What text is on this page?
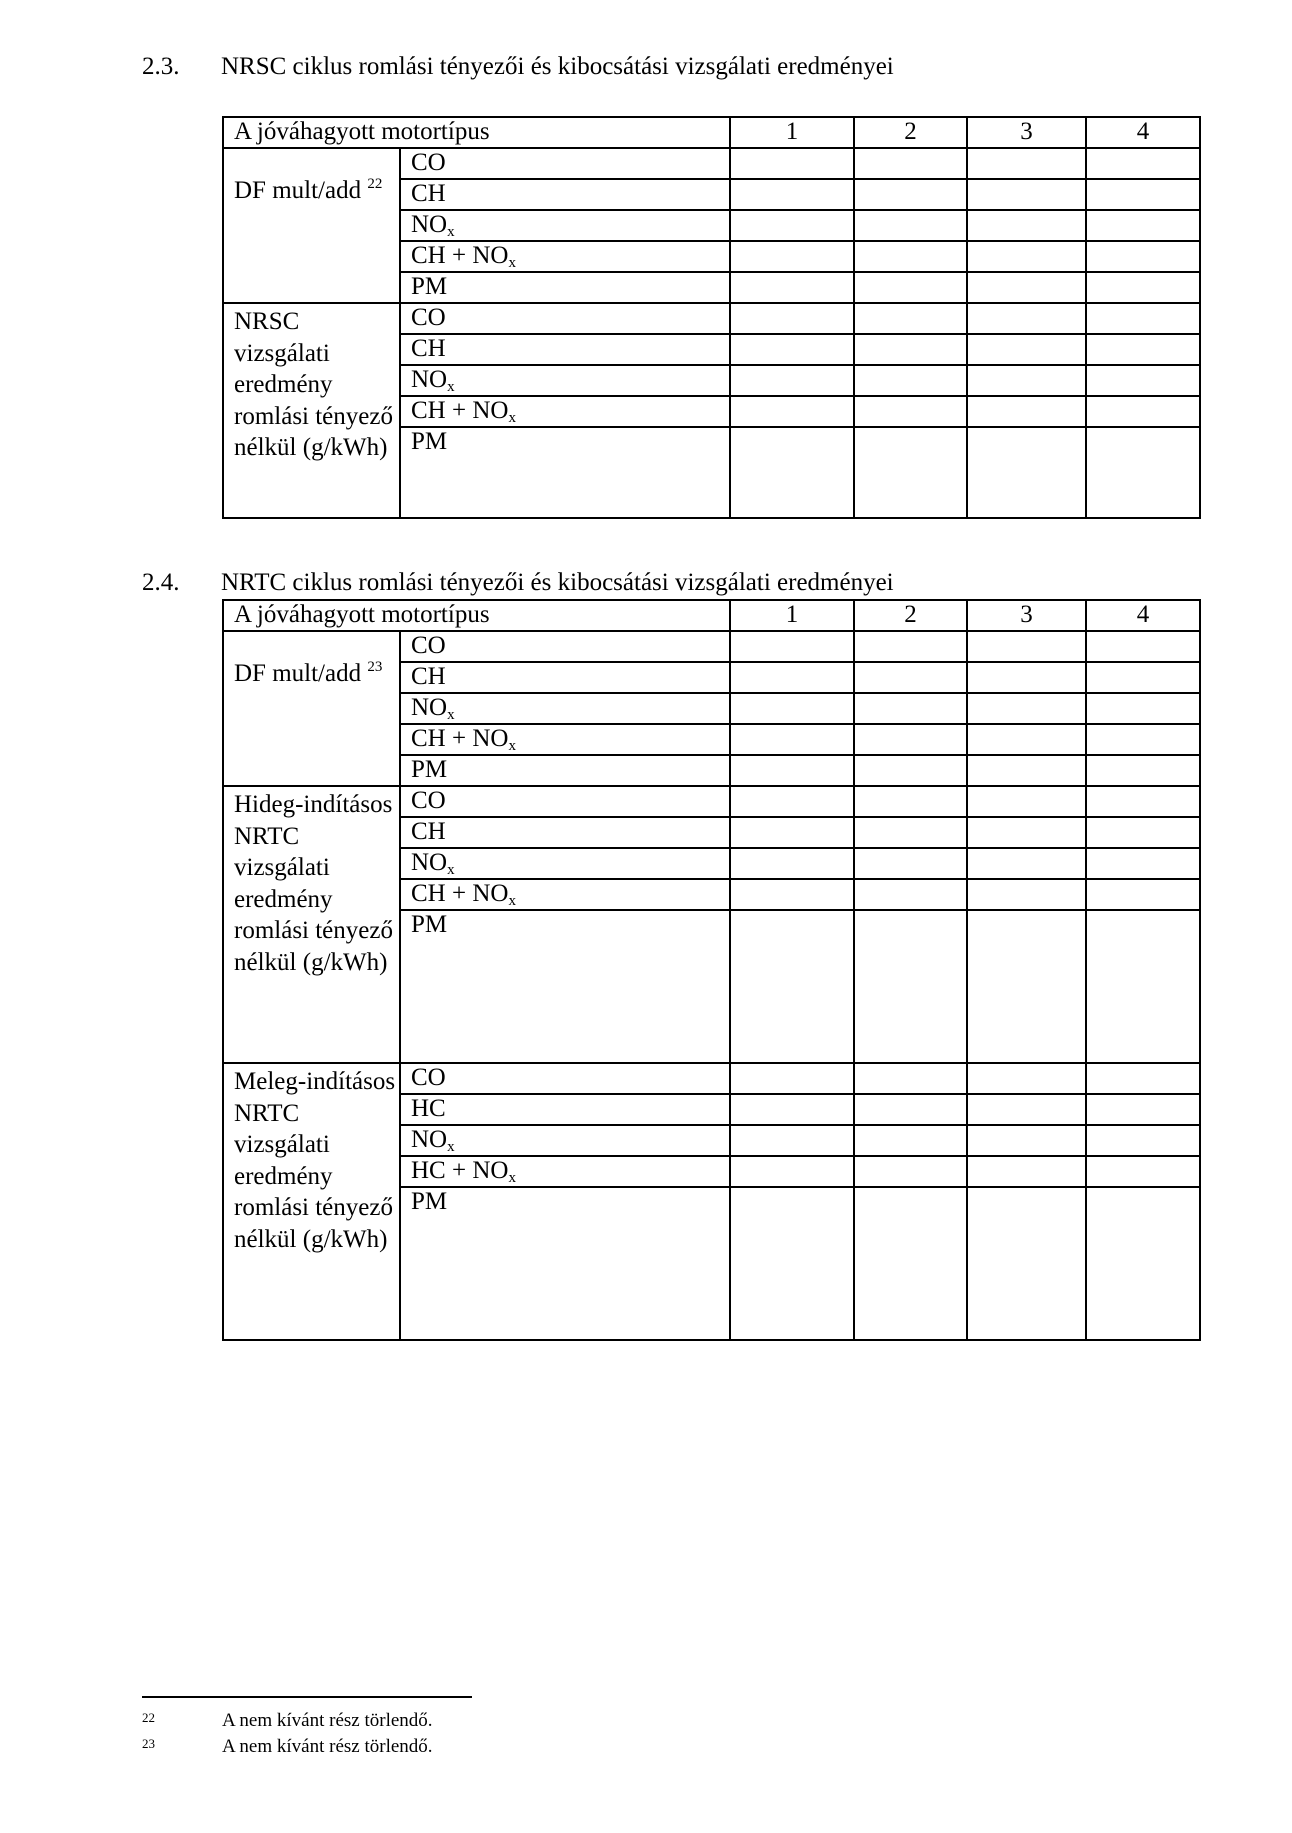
2.3. NRSC ciklus romlási tényezői és kibocsátási vizsgálati eredményei
A jóváhagyott motortípus		1	2	3	4
DF mult/add $^{22}$	CO				
	CH				
	$NO_x$				
	CH + $NO_x$				
	PM				
NRSC vizsgálati eredmény romlási tényező nélkül (g/kWh)	CO				
	CH				
	$NO_x$				
	CH + $NO_x$				
	PM				
2.4. NRTC ciklus romlási tényezői és kibocsátási vizsgálati eredményei
A jóváhagyott motortípus		1	2	3	4
DF mult/add $^{23}$	CO				
	CH				
	$NO_x$				
	CH + $NO_x$				
	PM				
Hideg-indításos NRTC vizsgálati eredmény romlási tényező nélkül (g/kWh)	CO				
	CH				
	$NO_x$				
	CH + $NO_x$				
	PM				
Meleg-indításos NRTC vizsgálati eredmény romlási tényező nélkül (g/kWh)	CO				
	HC				
	$NO_x$				
	HC + $NO_x$				
	PM				
22	A nem kívánt rész törlendő.
23	A nem kívánt rész törlendő.
